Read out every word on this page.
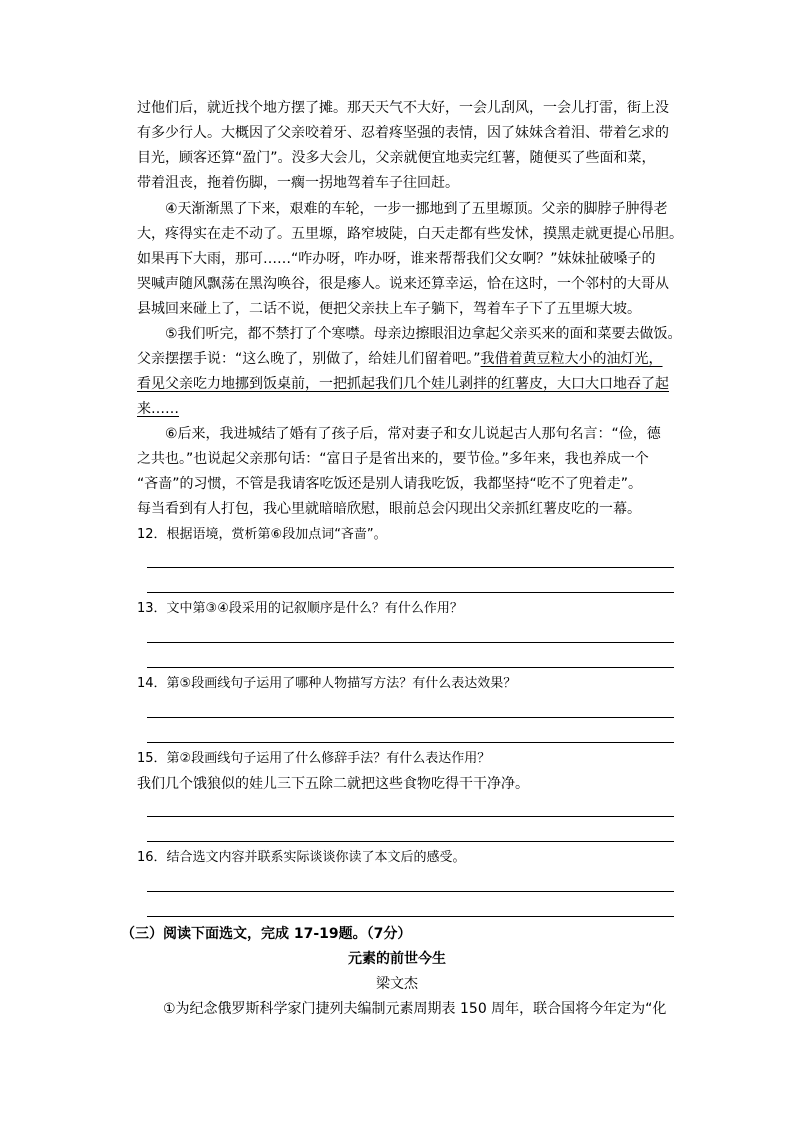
过他们后，就近找个地方摆了摊。那天天气不大好，一会儿刮风，一会儿打雷，街上没
有多少行人。大概因了父亲咬着牙、忍着疼坚强的表情，因了妹妹含着泪、带着乞求的
目光，顾客还算“盈门”。没多大会儿，父亲就便宜地卖完红薯，随便买了些面和菜，
带着沮丧，拖着伤脚，一瘸一拐地驾着车子往回赶。
④天渐渐黑了下来，艰难的车轮，一步一挪地到了五里塬顶。父亲的脚脖子肿得老
大，疼得实在走不动了。五里塬，路窄坡陡，白天走都有些发怵，摸黑走就更提心吊胆。
如果再下大雨，那可……“咋办呀，咋办呀，谁来帮帮我们父女啊？”妹妹扯破嗓子的
哭喊声随风飘荡在黑沟唤谷，很是瘆人。说来还算幸运，恰在这时，一个邻村的大哥从
县城回来碰上了，二话不说，便把父亲扶上车子躺下，驾着车子下了五里塬大坡。
⑤我们听完，都不禁打了个寒噤。母亲边擦眼泪边拿起父亲买来的面和菜要去做饭。
父亲摆摆手说：“这么晚了，别做了，给娃儿们留着吧。”我借着黄豆粒大小的油灯光，
看见父亲吃力地挪到饭桌前，一把抓起我们几个娃儿剥拌的红薯皮，大口大口地吞了起
来……
⑥后来，我进城结了婚有了孩子后，常对妻子和女儿说起古人那句名言：“俭，德
之共也。”也说起父亲那句话：“富日子是省出来的，要节俭。”多年来，我也养成一个
“吝啬”的习惯，不管是我请客吃饭还是别人请我吃饭，我都坚持“吃不了兜着走”。
每当看到有人打包，我心里就暗暗欣慰，眼前总会闪现出父亲抓红薯皮吃的一幕。
12．根据语境，赏析第⑥段加点词“吝啬”。
13．文中第③④段采用的记叙顺序是什么？有什么作用？
14．第⑤段画线句子运用了哪种人物描写方法？有什么表达效果？
15．第②段画线句子运用了什么修辞手法？有什么表达作用？
我们几个饿狼似的娃儿三下五除二就把这些食物吃得干干净净。
16．结合选文内容并联系实际谈谈你读了本文后的感受。
（三）阅读下面选文，完成 17-19题。（7分）
元素的前世今生
梁文杰
①为纪念俄罗斯科学家门捷列夫编制元素周期表 150 周年，联合国将今年定为“化
